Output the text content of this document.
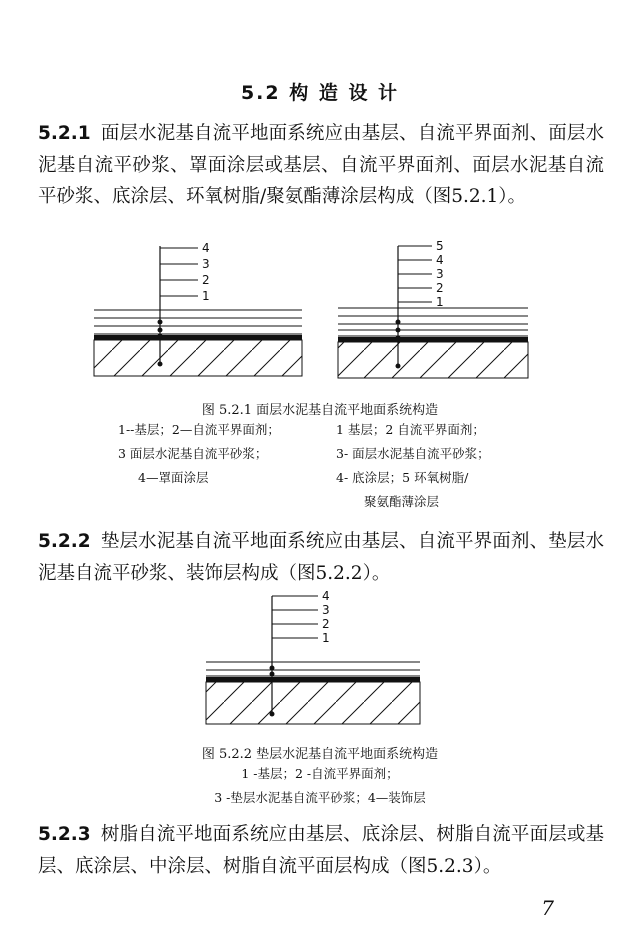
5.2 构 造 设 计
5.2.1 面层水泥基自流平地面系统应由基层、自流平界面剂、面层水泥基自流平砂浆、罩面涂层或基层、自流平界面剂、面层水泥基自流平砂浆、底涂层、环氧树脂/聚氨酯薄涂层构成（图5.2.1）。
4
3
2
1
5
4
3
2
1
图 5.2.1 面层水泥基自流平地面系统构造
1--基层；2—自流平界面剂；
3 面层水泥基自流平砂浆；
4—罩面涂层
1 基层；2 自流平界面剂；
3- 面层水泥基自流平砂浆；
4- 底涂层；5 环氧树脂/
聚氨酯薄涂层
5.2.2 垫层水泥基自流平地面系统应由基层、自流平界面剂、垫层水泥基自流平砂浆、装饰层构成（图5.2.2）。
4
3
2
1
图 5.2.2 垫层水泥基自流平地面系统构造
1 -基层；2 -自流平界面剂；
3 -垫层水泥基自流平砂浆；4—装饰层
5.2.3 树脂自流平地面系统应由基层、底涂层、树脂自流平面层或基层、底涂层、中涂层、树脂自流平面层构成（图5.2.3）。
7
